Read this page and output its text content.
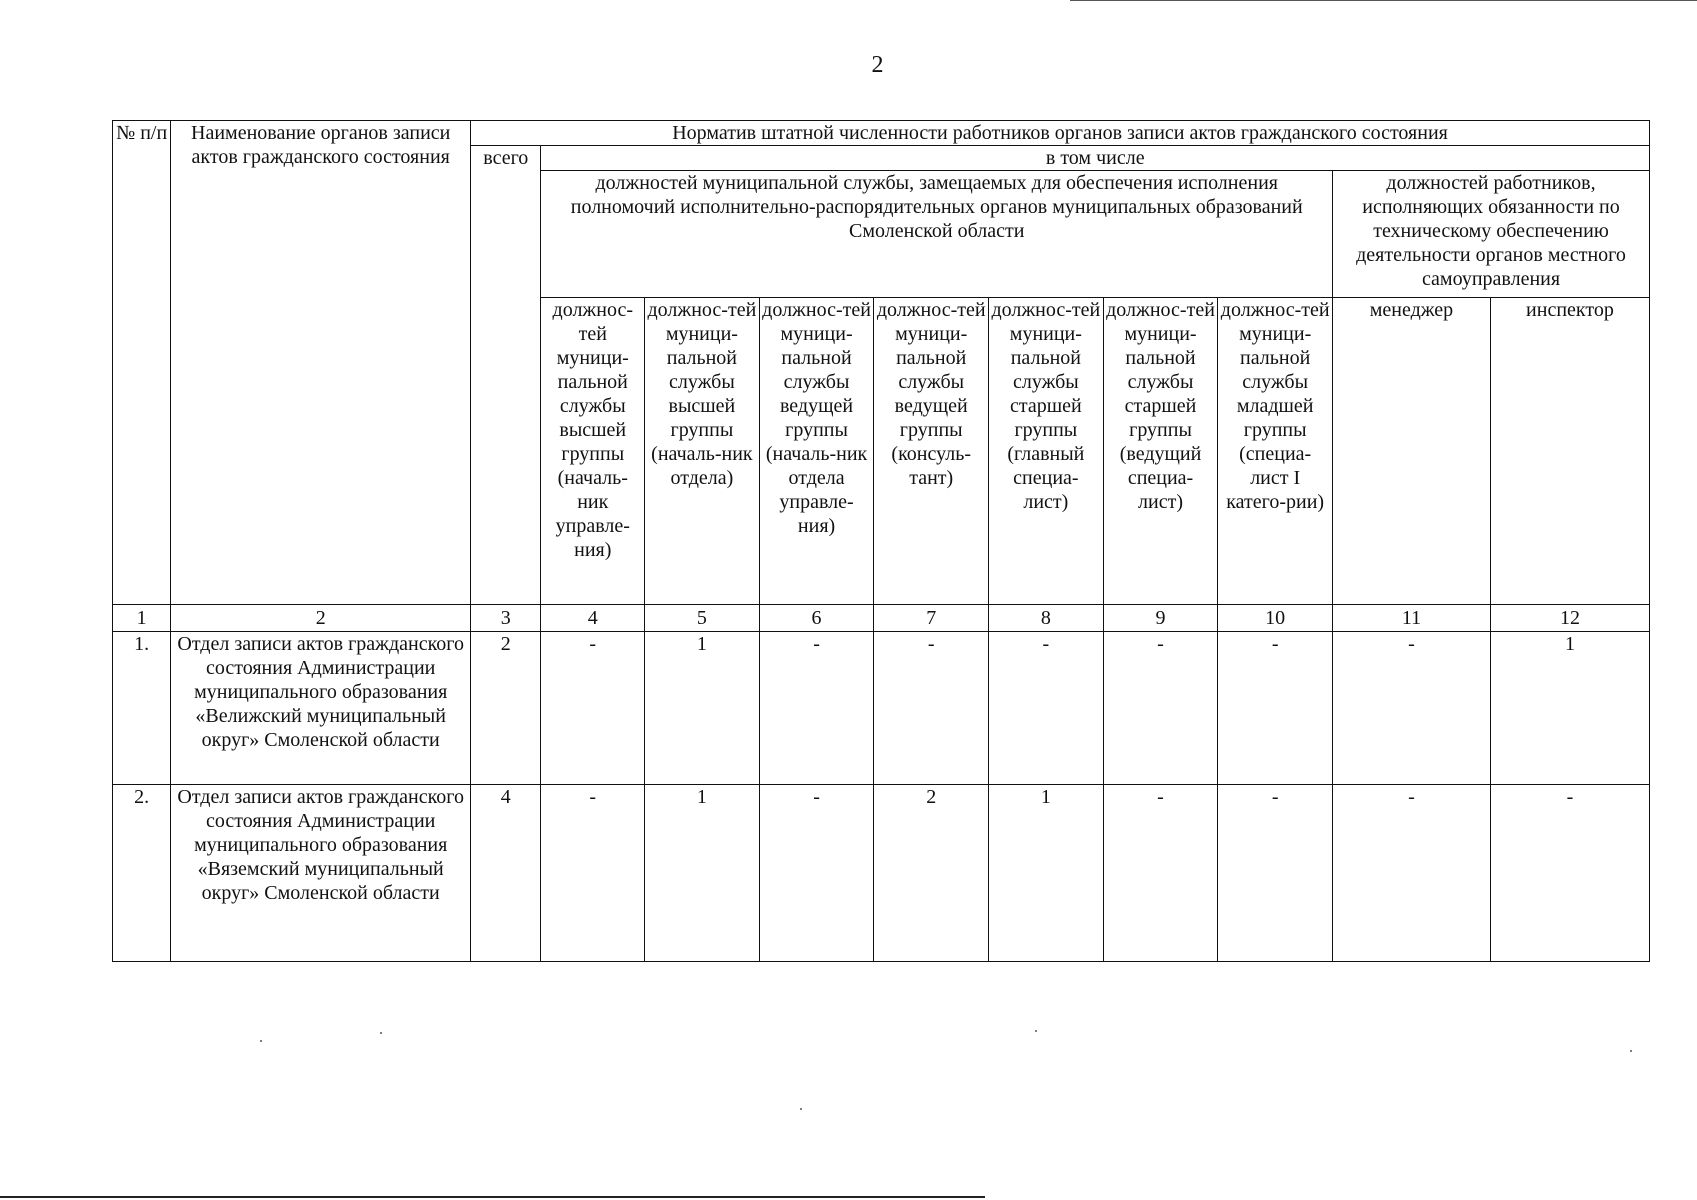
2
№ п/п	Наименование органов записи актов гражданского состояния	Норматив штатной численности работников органов записи актов гражданского состояния									
		всего	в том числе								
			должностей муниципальной службы, замещаемых для обеспечения исполнения полномочий исполнительно-распорядительных органов муниципальных образований Смоленской области							должностей работников, исполняющих обязанности по техническому обеспечению деятельности органов местного самоуправления	
			должнос-тей муници-пальной службы высшей группы (началь-ник управле-ния)	должнос-тей муници-пальной службы высшей группы (началь-ник отдела)	должнос-тей муници-пальной службы ведущей группы (началь-ник отдела управле-ния)	должнос-тей муници-пальной службы ведущей группы (консуль-тант)	должнос-тей муници-пальной службы старшей группы (главный специа-лист)	должнос-тей муници-пальной службы старшей группы (ведущий специа-лист)	должнос-тей муници-пальной службы младшей группы (специа-лист I катего-рии)	менеджер	инспектор
1	2	3	4	5	6	7	8	9	10	11	12
1.	Отдел записи актов гражданского состояния Администрации муниципального образования «Велижский муниципальный округ» Смоленской области	2	-	1	-	-	-	-	-	-	1
2.	Отдел записи актов гражданского состояния Администрации муниципального образования «Вяземский муниципальный округ» Смоленской области	4	-	1	-	2	1	-	-	-	-
